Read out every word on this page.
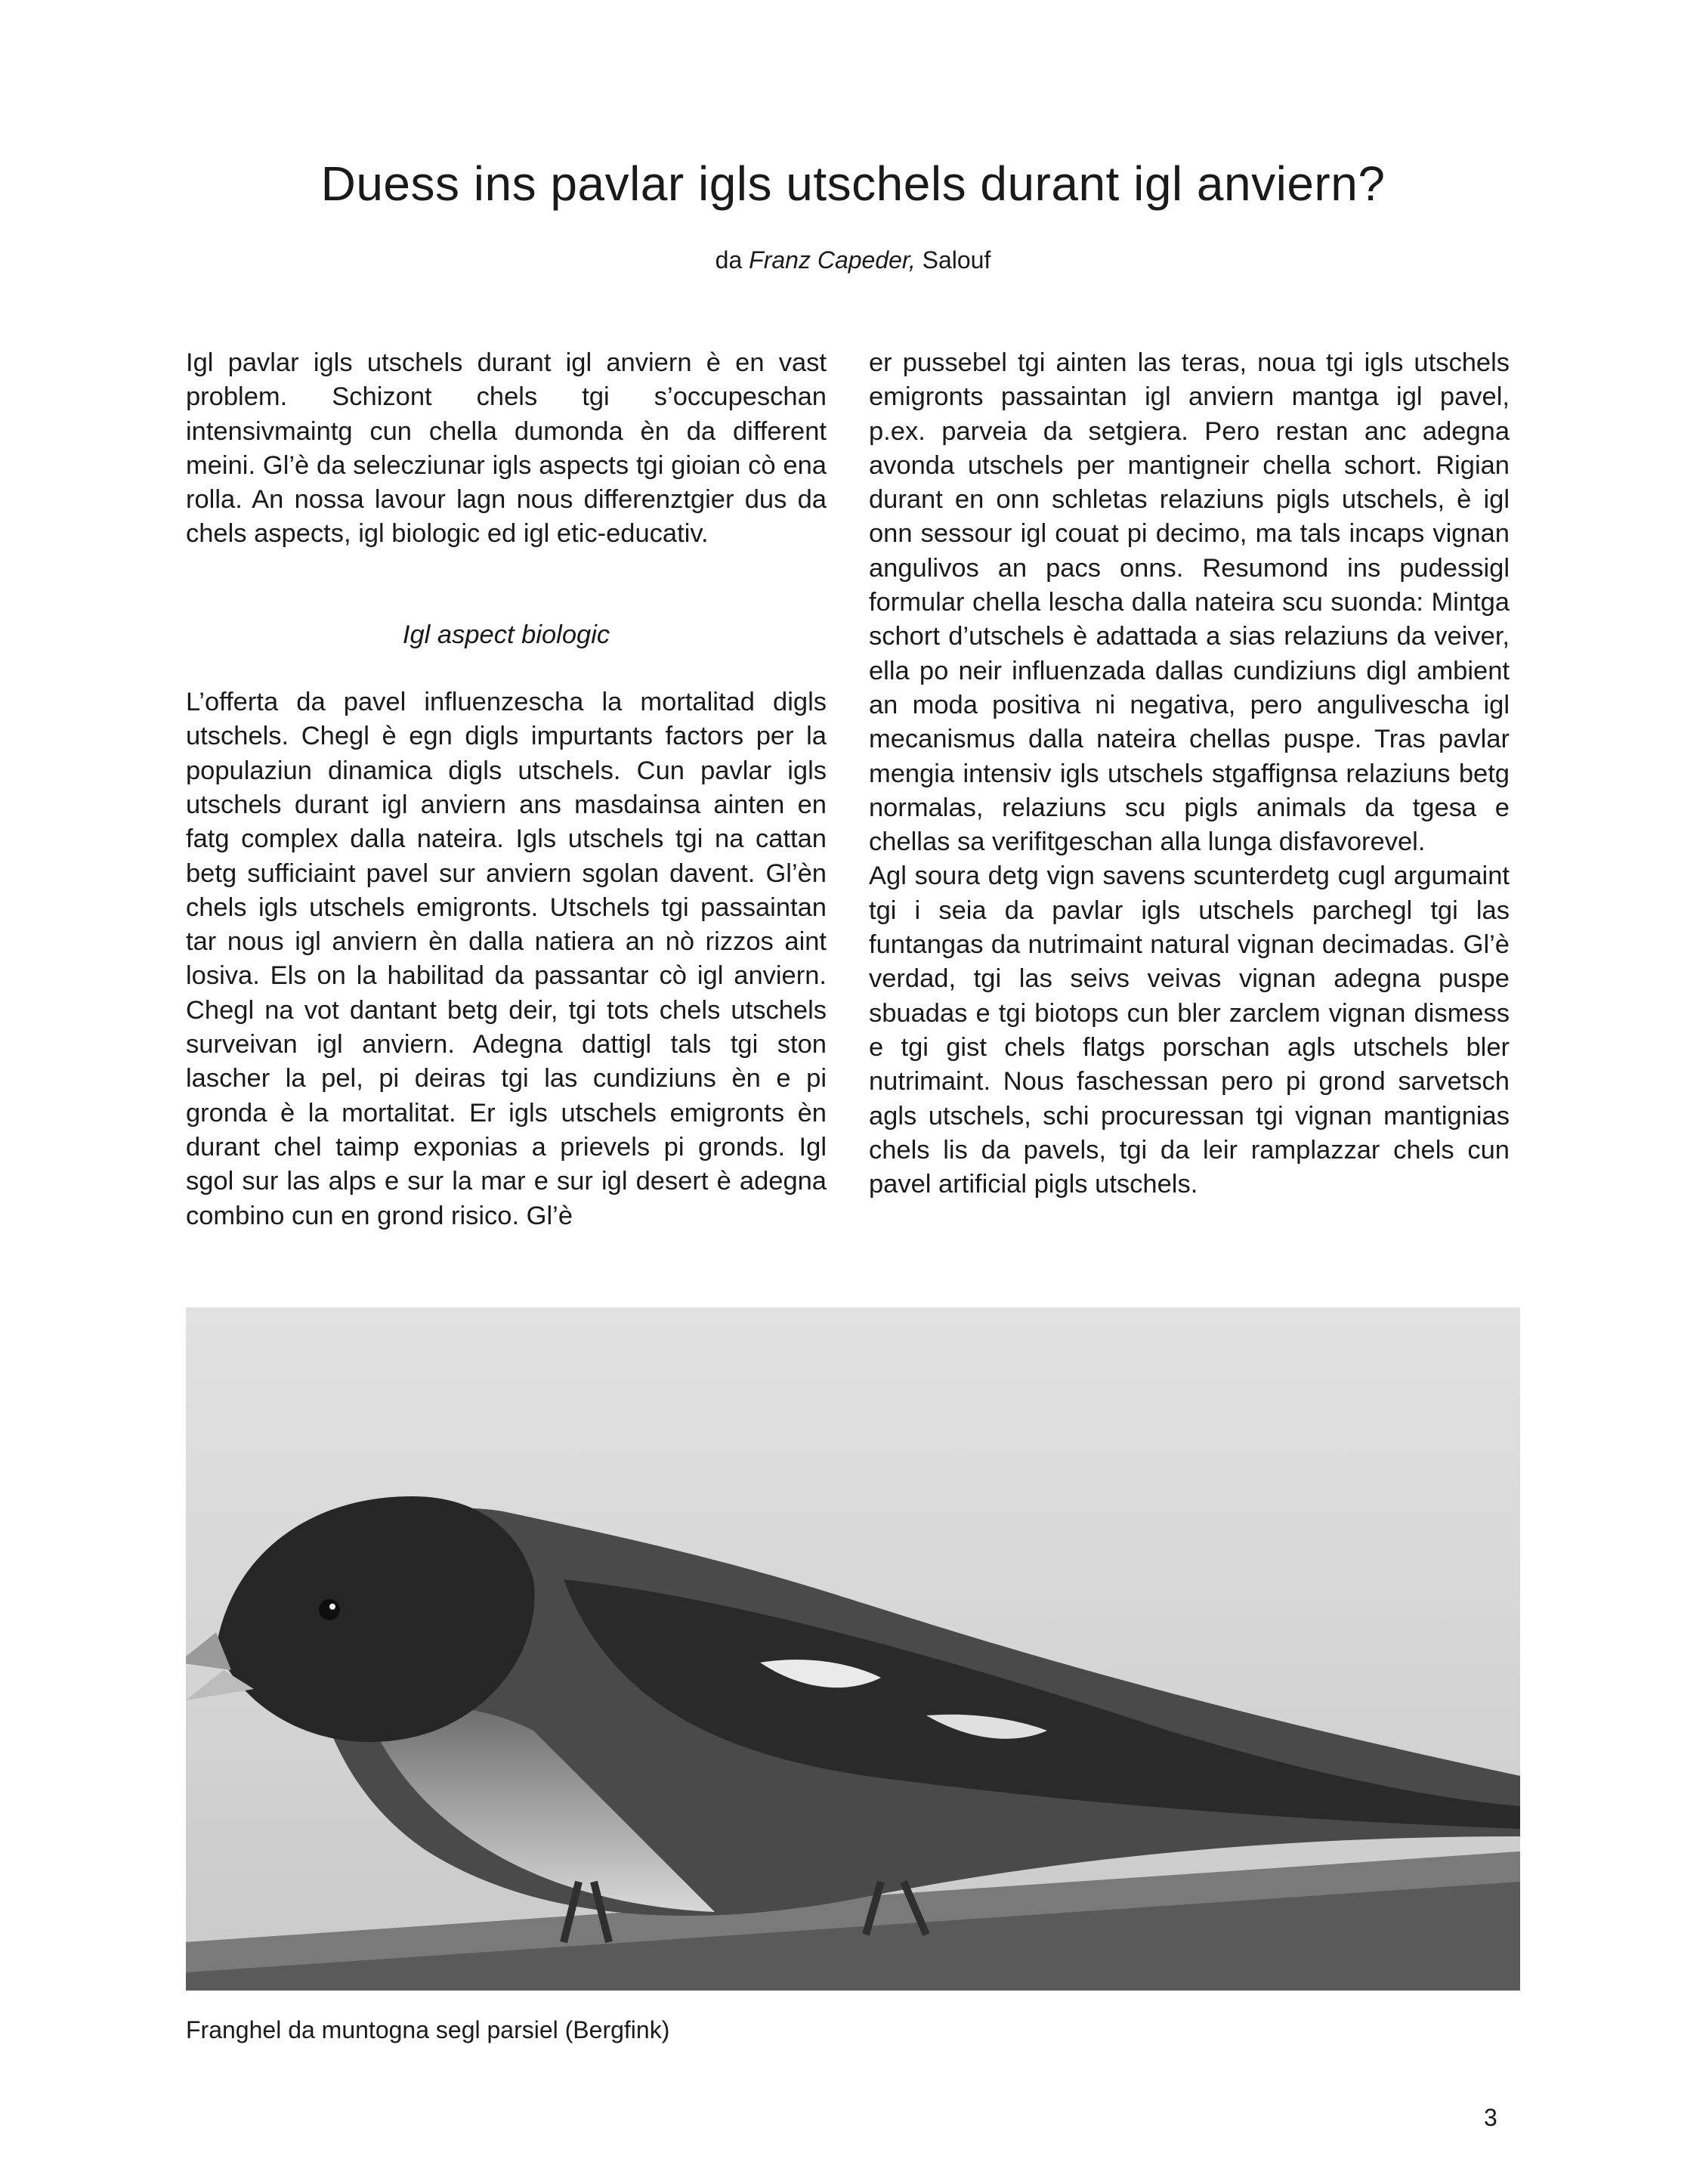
Duess ins pavlar igls utschels durant igl anviern?
da Franz Capeder, Salouf

Igl pavlar igls utschels durant igl anviern è en vast problem. Schizont chels tgi s’occupeschan intensivmaintg cun chella dumonda èn da different meini. Gl’è da selecziunar igls aspects tgi gioian cò ena rolla. An nossa lavour lagn nous differenztgier dus da chels aspects, igl biologic ed igl etic-educativ.

Igl aspect biologic

L’offerta da pavel influenzescha la mortalitad digls utschels. Chegl è egn digls impurtants factors per la populaziun dinamica digls utschels. Cun pavlar igls utschels durant igl anviern ans masdainsa ainten en fatg complex dalla nateira. Igls utschels tgi na cattan betg sufficiaint pavel sur anviern sgolan davent. Gl’èn chels igls utschels emigronts. Utschels tgi passaintan tar nous igl anviern èn dalla natiera an nò rizzos aint losiva. Els on la habilitad da passantar cò igl anviern. Chegl na vot dantant betg deir, tgi tots chels utschels surveivan igl anviern. Adegna dattigl tals tgi ston lascher la pel, pi deiras tgi las cundiziuns èn e pi gronda è la mortalitat. Er igls utschels emigronts èn durant chel taimp exponias a prievels pi gronds. Igl sgol sur las alps e sur la mar e sur igl desert è adegna combino cun en grond risico. Gl’è

er pussebel tgi ainten las teras, noua tgi igls utschels emigronts passaintan igl anviern mantga igl pavel, p.ex. parveia da setgiera. Pero restan anc adegna avonda utschels per mantigneir chella schort. Rigian durant en onn schletas relaziuns pigls utschels, è igl onn sessour igl couat pi decimo, ma tals incaps vignan angulivos an pacs onns. Resumond ins pudessigl formular chella lescha dalla nateira scu suonda: Mintga schort d’utschels è adattada a sias relaziuns da veiver, ella po neir influenzada dallas cundiziuns digl ambient an moda positiva ni negativa, pero angulivescha igl mecanismus dalla nateira chellas puspe. Tras pavlar mengia intensiv igls utschels stgaffignsa relaziuns betg normalas, relaziuns scu pigls animals da tgesa e chellas sa verifitgeschan alla lunga disfavorevel.

Agl soura detg vign savens scunterdetg cugl argumaint tgi i seia da pavlar igls utschels parchegl tgi las funtangas da nutrimaint natural vignan decimadas. Gl’è verdad, tgi las seivs veivas vignan adegna puspe sbuadas e tgi biotops cun bler zarclem vignan dismess e tgi gist chels flatgs porschan agls utschels bler nutrimaint. Nous faschessan pero pi grond sarvetsch agls utschels, schi procuressan tgi vignan mantignias chels lis da pavels, tgi da leir ramplazzar chels cun pavel artificial pigls utschels.

Franghel da muntogna segl parsiel (Bergfink)
3
